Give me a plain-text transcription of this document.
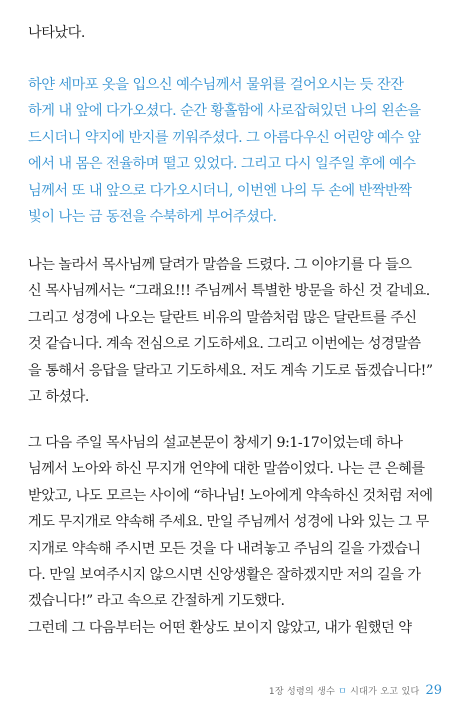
나타났다.
하얀 세마포 옷을 입으신 예수님께서 물위를 걸어오시는 듯 잔잔
하게 내 앞에 다가오셨다. 순간 황홀함에 사로잡혀있던 나의 왼손을
드시더니 약지에 반지를 끼워주셨다. 그 아름다우신 어린양 예수 앞
에서 내 몸은 전율하며 떨고 있었다. 그리고 다시 일주일 후에 예수
님께서 또 내 앞으로 다가오시더니, 이번엔 나의 두 손에 반짝반짝
빛이 나는 금 동전을 수북하게 부어주셨다.
나는 놀라서 목사님께 달려가 말씀을 드렸다. 그 이야기를 다 들으
신 목사님께서는 “그래요!!! 주님께서 특별한 방문을 하신 것 같네요.
그리고 성경에 나오는 달란트 비유의 말씀처럼 많은 달란트를 주신
것 같습니다. 계속 전심으로 기도하세요. 그리고 이번에는 성경말씀
을 통해서 응답을 달라고 기도하세요. 저도 계속 기도로 돕겠습니다!”
고 하셨다.
그 다음 주일 목사님의 설교본문이 창세기 9:1-17이었는데 하나
님께서 노아와 하신 무지개 언약에 대한 말씀이었다. 나는 큰 은혜를
받았고, 나도 모르는 사이에 “하나님! 노아에게 약속하신 것처럼 저에
게도 무지개로 약속해 주세요. 만일 주님께서 성경에 나와 있는 그 무
지개로 약속해 주시면 모든 것을 다 내려놓고 주님의 길을 가겠습니
다. 만일 보여주시지 않으시면 신앙생활은 잘하겠지만 저의 길을 가
겠습니다!” 라고 속으로 간절하게 기도했다.
그런데 그 다음부터는 어떤 환상도 보이지 않았고, 내가 원했던 약
1장 성령의 생수 ㅁ 시대가 오고 있다 29
